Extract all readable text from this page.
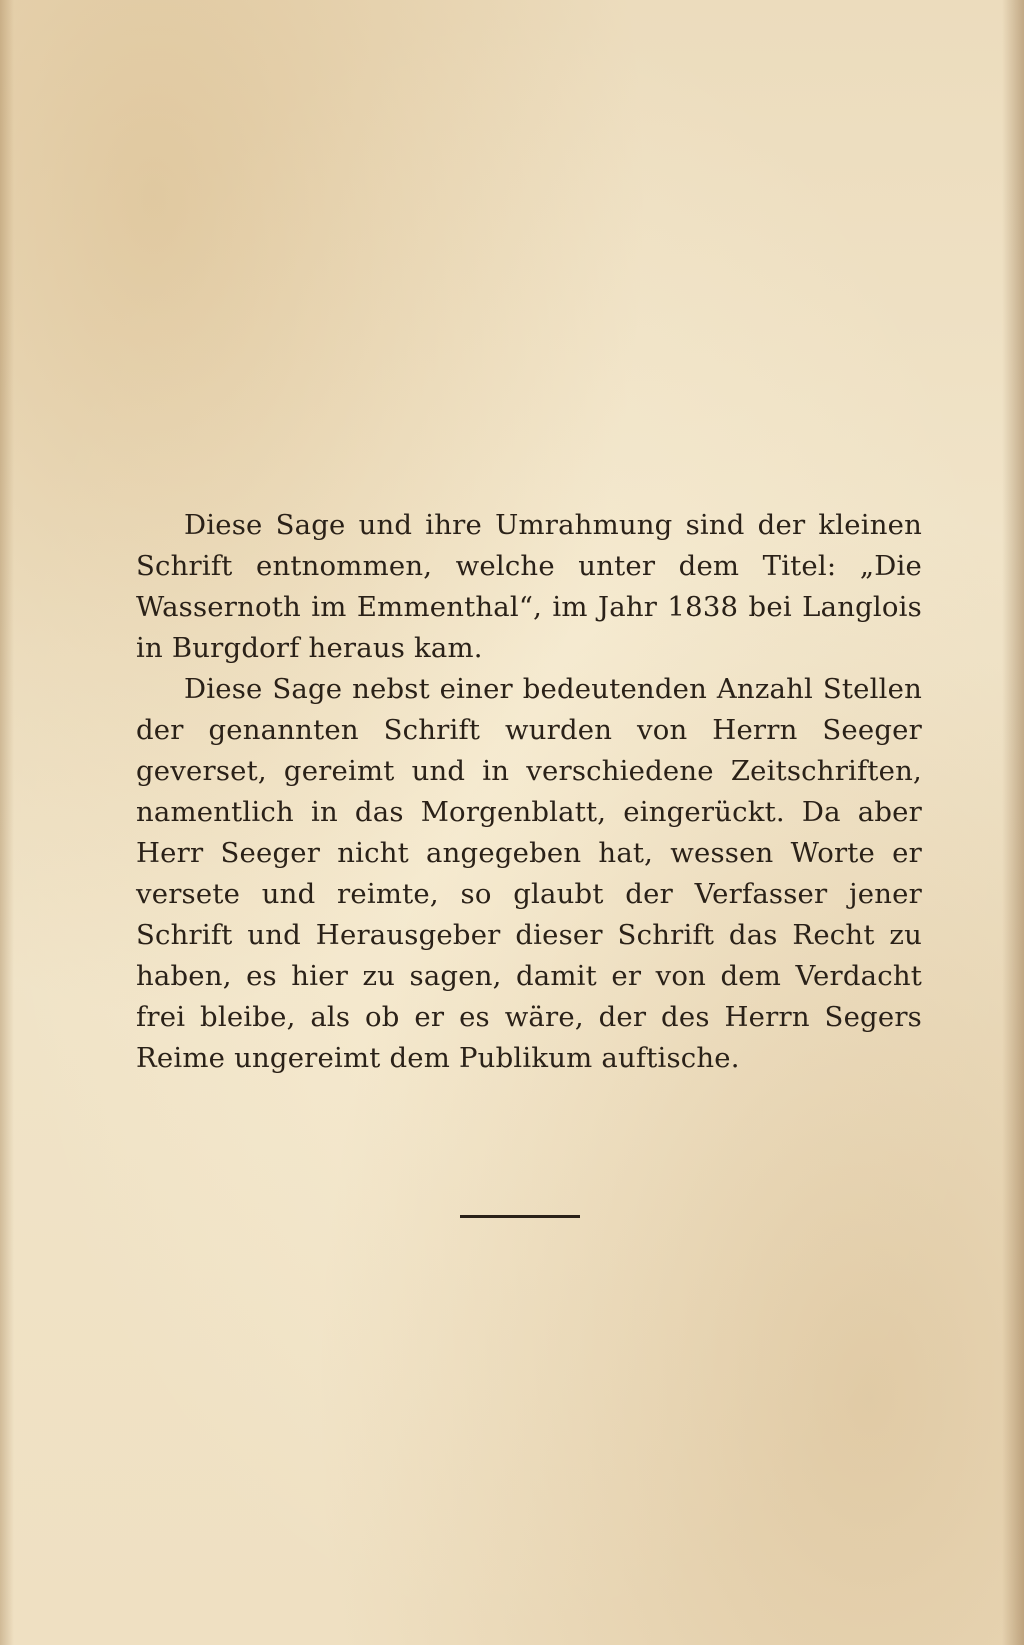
Diese Sage und ihre Umrahmung sind der kleinen Schrift entnommen, welche unter dem Titel: „Die Wassernoth im Emmenthal“, im Jahr 1838 bei Langlois in Burgdorf heraus kam.

Diese Sage nebst einer bedeutenden Anzahl Stellen der genannten Schrift wurden von Herrn Seeger geverset, gereimt und in verschiedene Zeitschriften, namentlich in das Morgenblatt, eingerückt. Da aber Herr Seeger nicht angegeben hat, wessen Worte er versete und reimte, so glaubt der Verfasser jener Schrift und Herausgeber dieser Schrift das Recht zu haben, es hier zu sagen, damit er von dem Verdacht frei bleibe, als ob er es wäre, der des Herrn Segers Reime ungereimt dem Publikum auftische.
